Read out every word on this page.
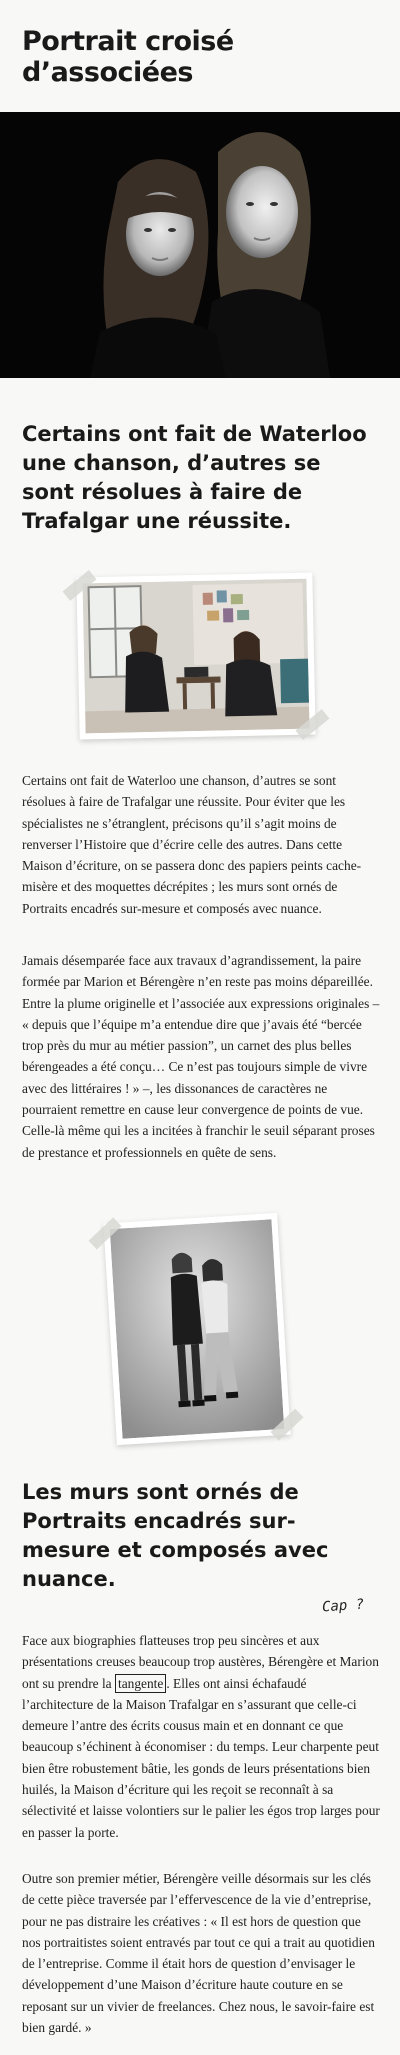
Portrait croisé d’associées
Certains ont fait de Waterloo une chanson, d’autres se sont résolues à faire de Trafalgar une réussite.

Certains ont fait de Waterloo une chanson, d’autres se sont résolues à faire de Trafalgar une réussite. Pour éviter que les spécialistes ne s’étranglent, précisons qu’il s’agit moins de renverser l’Histoire que d’écrire celle des autres. Dans cette Maison d’écriture, on se passera donc des papiers peints cache-misère et des moquettes décrépites ; les murs sont ornés de Portraits encadrés sur-mesure et composés avec nuance.

Jamais désemparée face aux travaux d’agrandissement, la paire formée par Marion et Bérengère n’en reste pas moins dépareillée. Entre la plume originelle et l’associée aux expressions originales – « depuis que l’équipe m’a entendue dire que j’avais été “bercée trop près du mur au métier passion”, un carnet des plus belles bérengeades a été conçu… Ce n’est pas toujours simple de vivre avec des littéraires ! » –, les dissonances de caractères ne pourraient remettre en cause leur convergence de points de vue. Celle-là même qui les a incitées à franchir le seuil séparant proses de prestance et professionnels en quête de sens.

Les murs sont ornés de Portraits encadrés sur-mesure et composés avec nuance.
Cap ?

Face aux biographies flatteuses trop peu sincères et aux présentations creuses beaucoup trop austères, Bérengère et Marion ont su prendre la tangente . Elles ont ainsi échafaudé l’architecture de la Maison Trafalgar en s’assurant que celle-ci demeure l’antre des écrits cousus main et en donnant ce que beaucoup s’échinent à économiser : du temps. Leur charpente peut bien être robustement bâtie, les gonds de leurs présentations bien huilés, la Maison d’écriture qui les reçoit se reconnaît à sa sélectivité et laisse volontiers sur le palier les égos trop larges pour en passer la porte.

Outre son premier métier, Bérengère veille désormais sur les clés de cette pièce traversée par l’effervescence de la vie d’entreprise, pour ne pas distraire les créatives : « Il est hors de question que nos portraitistes soient entravés par tout ce qui a trait au quotidien de l’entreprise. Comme il était hors de question d’envisager le développement d’une Maison d’écriture haute couture en se reposant sur un vivier de freelances. Chez nous, le savoir-faire est bien gardé. »
